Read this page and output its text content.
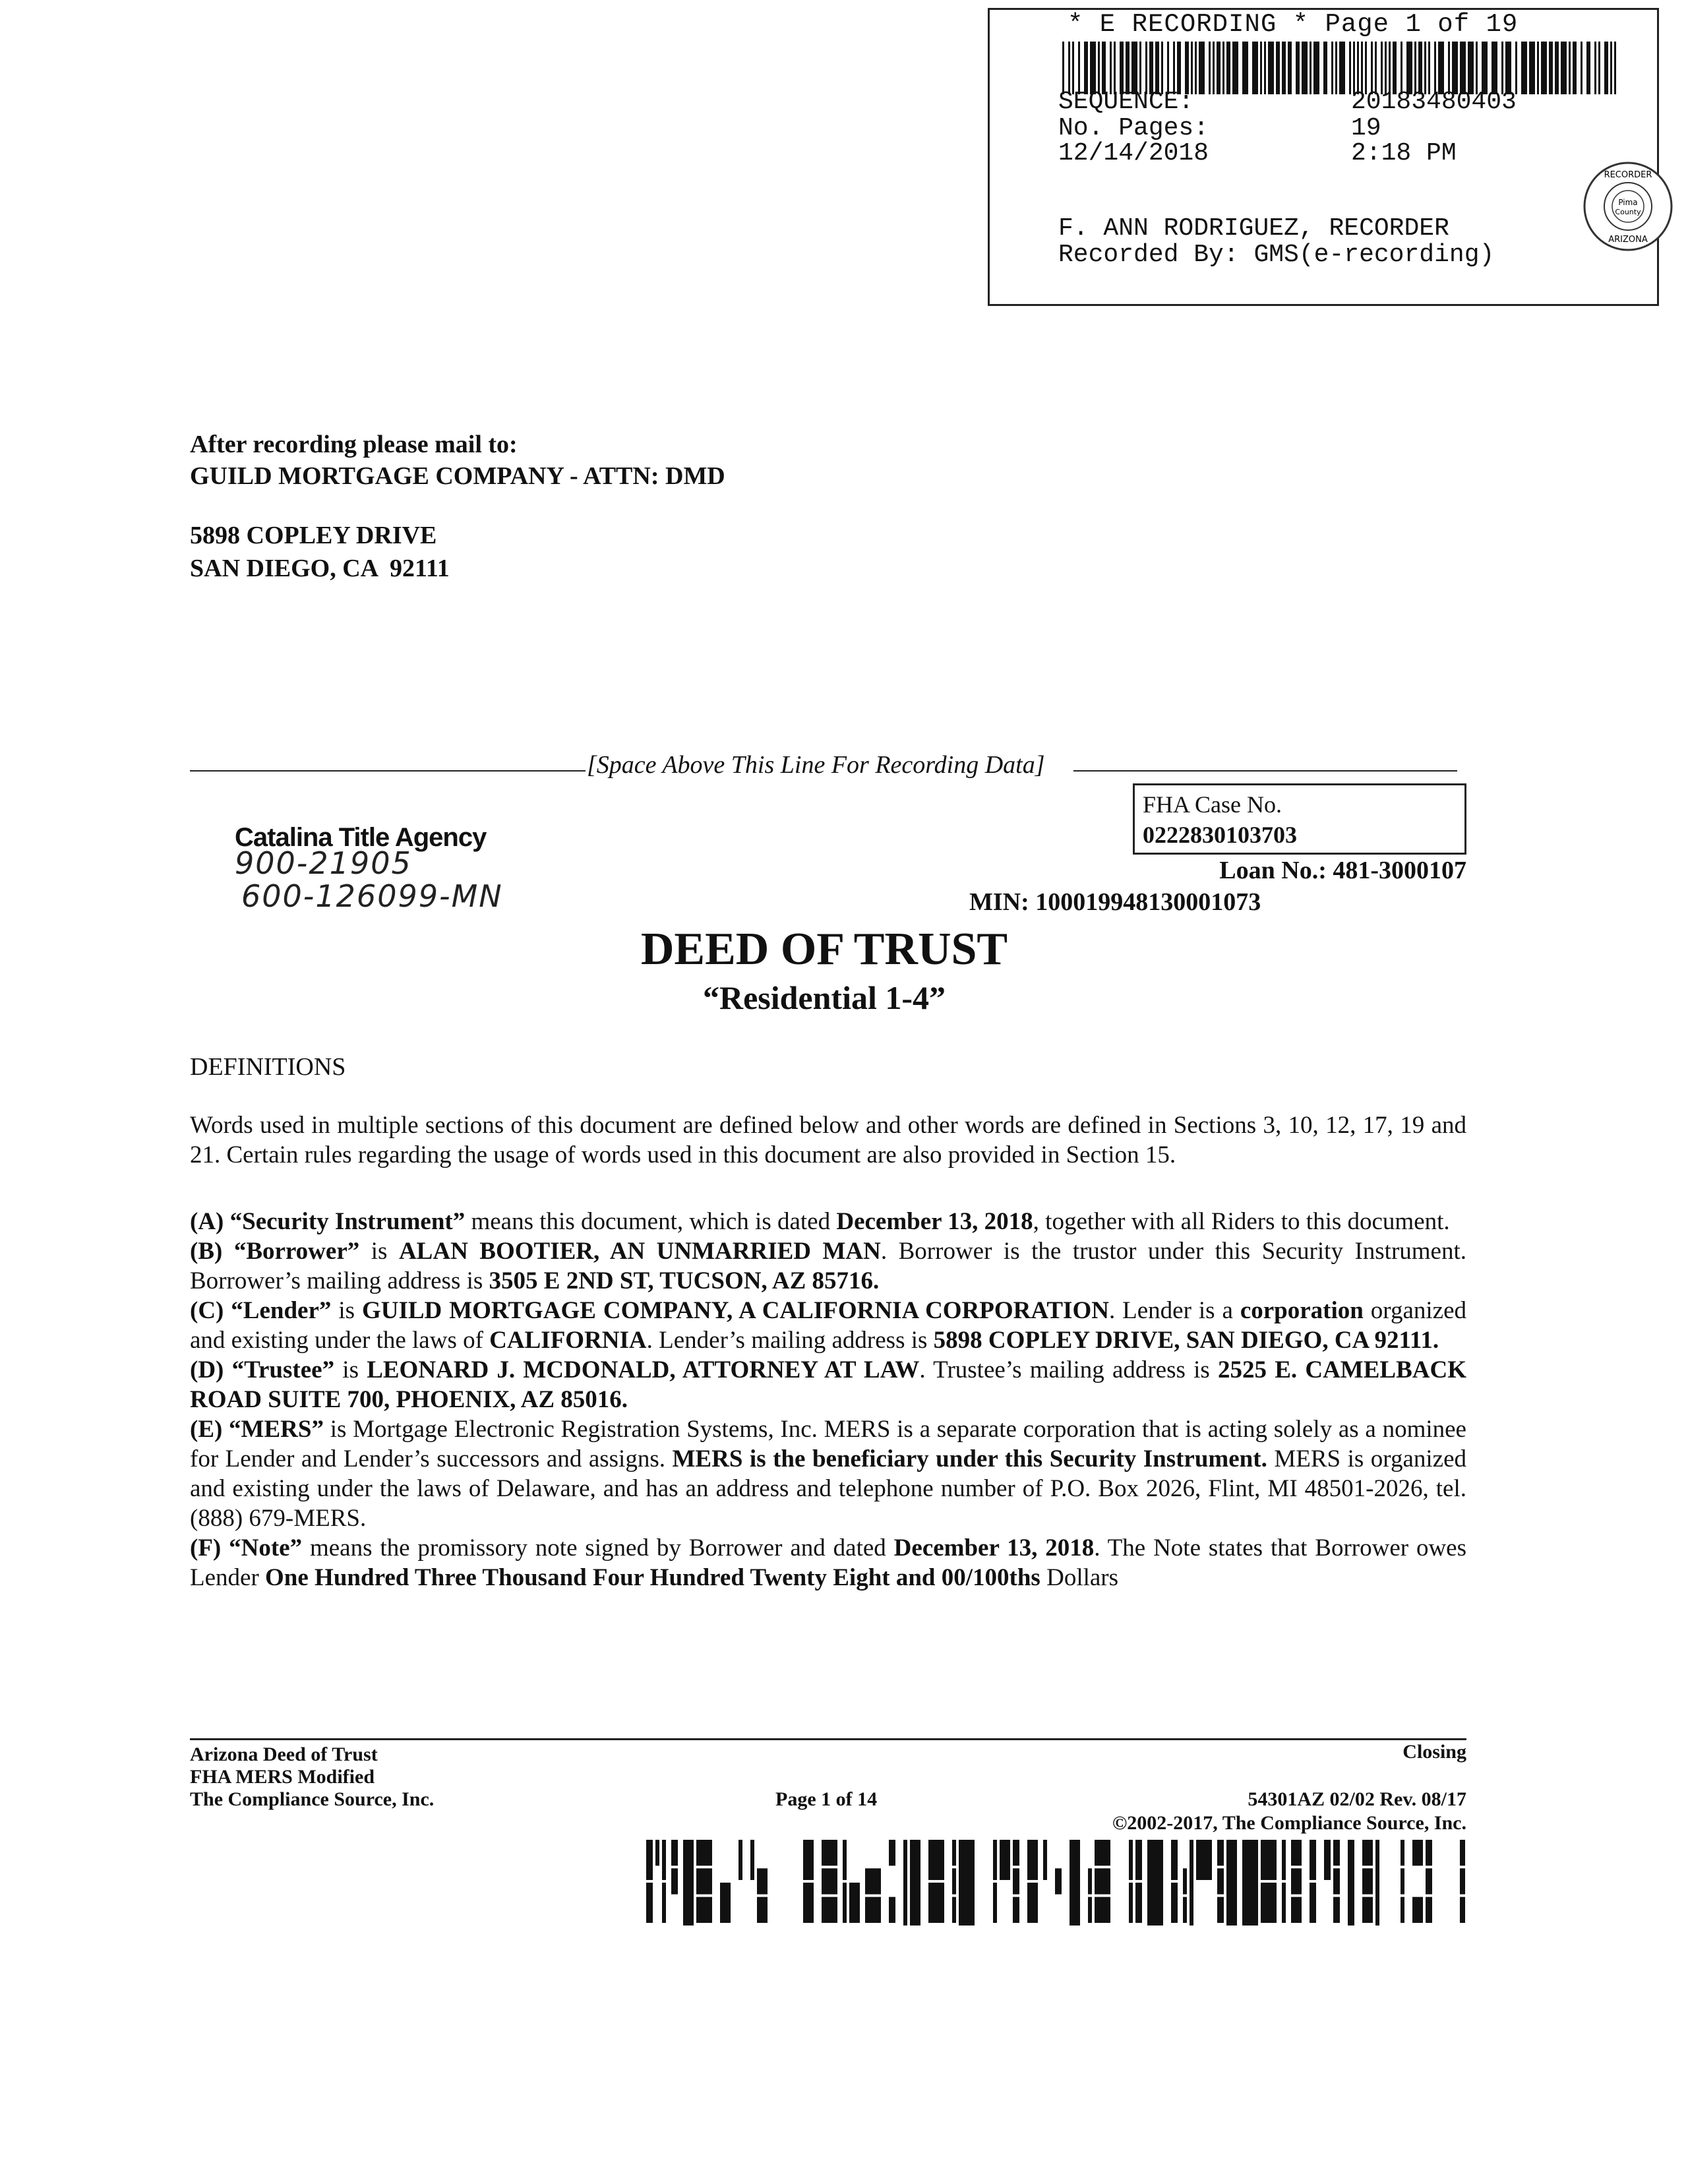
* E RECORDING * Page 1 of 19
SEQUENCE:	20183480403
No. Pages:	19
12/14/2018	2:18 PM
F. ANN RODRIGUEZ, RECORDER
Recorded By: GMS(e-recording)
Pima
County
RECORDER
ARIZONA
After recording please mail to:
GUILD MORTGAGE COMPANY - ATTN: DMD
5898 COPLEY DRIVE
SAN DIEGO, CA  92111
[Space Above This Line For Recording Data]
FHA Case No.
0222830103703
Catalina Title Agency
900-21905
600-126099-MN
Loan No.: 481-3000107
MIN: 100019948130001073
DEED OF TRUST
“Residential 1-4”
DEFINITIONS
Words used in multiple sections of this document are defined below and other words are defined in Sections 3, 10, 12, 17, 19 and 21. Certain rules regarding the usage of words used in this document are also provided in Section 15.
(A) “Security Instrument” means this document, which is dated December 13, 2018, together with all Riders to this document.
(B) “Borrower” is ALAN BOOTIER, AN UNMARRIED MAN. Borrower is the trustor under this Security Instrument. Borrower’s mailing address is 3505 E 2ND ST, TUCSON, AZ 85716.
(C) “Lender” is GUILD MORTGAGE COMPANY, A CALIFORNIA CORPORATION. Lender is a corporation organized and existing under the laws of CALIFORNIA. Lender’s mailing address is 5898 COPLEY DRIVE, SAN DIEGO, CA 92111.
(D) “Trustee” is LEONARD J. MCDONALD, ATTORNEY AT LAW. Trustee’s mailing address is 2525 E. CAMELBACK ROAD SUITE 700, PHOENIX, AZ 85016.
(E) “MERS” is Mortgage Electronic Registration Systems, Inc. MERS is a separate corporation that is acting solely as a nominee for Lender and Lender’s successors and assigns. MERS is the beneficiary under this Security Instrument. MERS is organized and existing under the laws of Delaware, and has an address and telephone number of P.O. Box 2026, Flint, MI 48501-2026, tel. (888) 679-MERS.
(F) “Note” means the promissory note signed by Borrower and dated December 13, 2018. The Note states that Borrower owes Lender One Hundred Three Thousand Four Hundred Twenty Eight and 00/100ths Dollars
Arizona Deed of Trust
FHA MERS Modified
The Compliance Source, Inc.
Closing
Page 1 of 14	54301AZ 02/02 Rev. 08/17
©2002-2017, The Compliance Source, Inc.
